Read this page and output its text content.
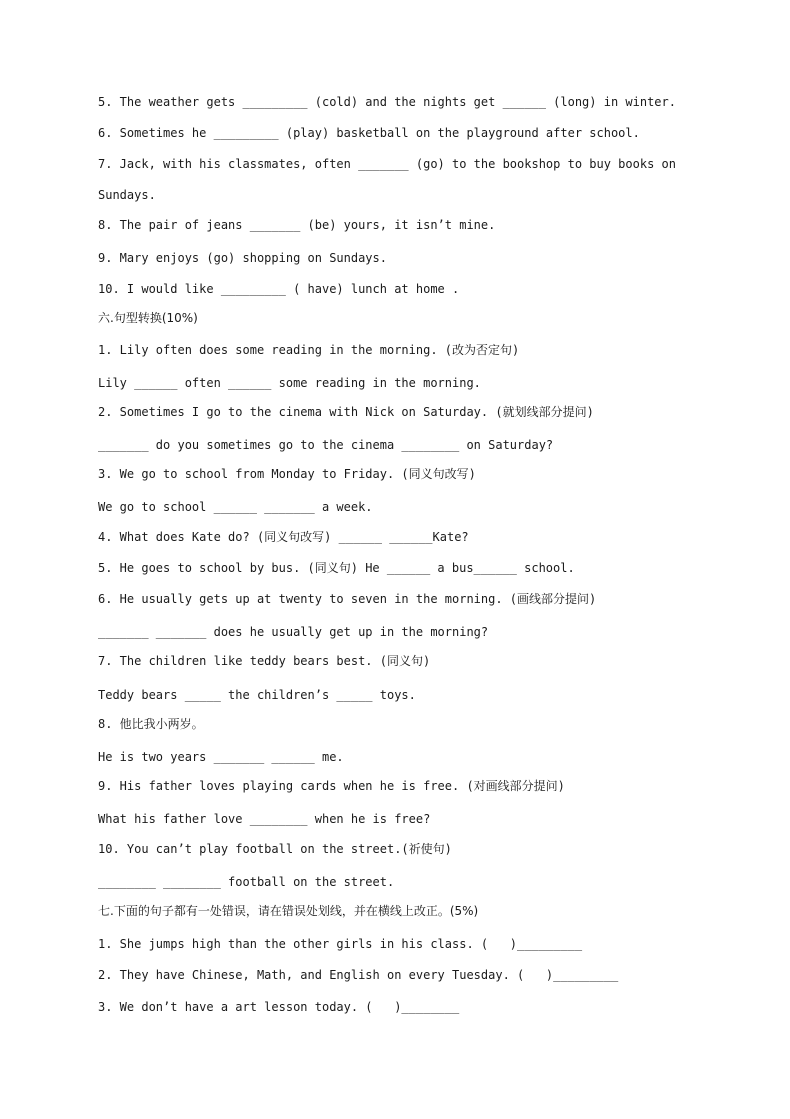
5. The weather gets _________ (cold) and the nights get ______ (long) in winter.
6. Sometimes he _________ (play) basketball on the playground after school.
7. Jack, with his classmates, often _______ (go) to the bookshop to buy books on
Sundays.
8. The pair of jeans _______ (be) yours, it isn’t mine.
9. Mary enjoys (go) shopping on Sundays.
10. I would like _________ ( have) lunch at home .
六.句型转换(10%)
1. Lily often does some reading in the morning. (改为否定句)
Lily ______ often ______ some reading in the morning.
2. Sometimes I go to the cinema with Nick on Saturday. (就划线部分提问)
_______ do you sometimes go to the cinema ________ on Saturday?
3. We go to school from Monday to Friday. (同义句改写)
We go to school ______ _______ a week.
4. What does Kate do? (同义句改写) ______ ______Kate?
5. He goes to school by bus. (同义句) He ______ a bus______ school.
6. He usually gets up at twenty to seven in the morning. (画线部分提问)
_______ _______ does he usually get up in the morning?
7. The children like teddy bears best. (同义句)
Teddy bears _____ the children’s _____ toys.
8. 他比我小两岁。
He is two years _______ ______ me.
9. His father loves playing cards when he is free. (对画线部分提问)
What his father love ________ when he is free?
10. You can’t play football on the street.(祈使句)
________ ________ football on the street.
七.下面的句子都有一处错误，请在错误处划线，并在横线上改正。(5%)
1. She jumps high than the other girls in his class. (   )_________
2. They have Chinese, Math, and English on every Tuesday. (   )_________
3. We don’t have a art lesson today. (   )________
